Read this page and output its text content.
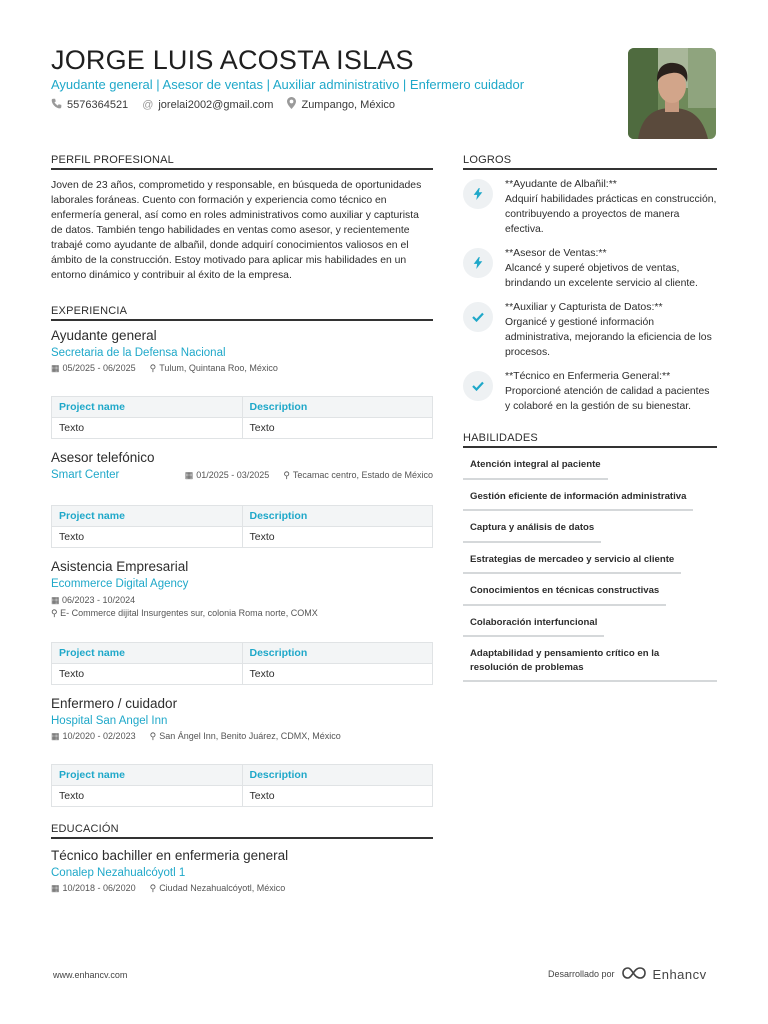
JORGE LUIS ACOSTA ISLAS
Ayudante general | Asesor de ventas | Auxiliar administrativo | Enfermero cuidador
5576364521 @ jorelai2002@gmail.com	Zumpango, México
PERFIL PROFESIONAL

Joven de 23 años, comprometido y responsable, en búsqueda de oportunidades laborales foráneas. Cuento con formación y experiencia como técnico en enfermería general, así como en roles administrativos como auxiliar y capturista de datos. También tengo habilidades en ventas como asesor, y recientemente trabajé como ayudante de albañil, donde adquirí conocimientos valiosos en el ámbito de la construcción. Estoy motivado para aplicar mis habilidades en un entorno dinámico y contribuir al éxito de la empresa.

EXPERIENCIA
Ayudante general
Secretaria de la Defensa Nacional
▦ 05/2025 - 06/2025 ⚲ Tulum, Quintana Roo, México
Project name	Description
Texto	Texto
Asesor telefónico
Smart Center	▦ 01/2025 - 03/2025 ⚲ Tecamac centro, Estado de México
Project name	Description
Texto	Texto
Asistencia Empresarial
Ecommerce Digital Agency
▦ 06/2023 - 10/2024
⚲ E- Commerce dijital Insurgentes sur, colonia Roma norte, COMX
Project name	Description
Texto	Texto
Enfermero / cuidador
Hospital San Angel Inn
▦ 10/2020 - 02/2023 ⚲ San Ángel Inn, Benito Juárez, CDMX, México
Project name	Description
Texto	Texto
EDUCACIÓN
Técnico bachiller en enfermeria general
Conalep Nezahualcóyotl 1
▦ 10/2018 - 06/2020 ⚲ Ciudad Nezahualcóyotl, México
LOGROS
**Ayudante de Albañil:**
Adquirí habilidades prácticas en construcción, contribuyendo a proyectos de manera efectiva.
**Asesor de Ventas:**
Alcancé y superé objetivos de ventas, brindando un excelente servicio al cliente.
**Auxiliar y Capturista de Datos:**
Organicé y gestioné información administrativa, mejorando la eficiencia de los procesos.
**Técnico en Enfermeria General:**
Proporcioné atención de calidad a pacientes y colaboré en la gestión de su bienestar.
HABILIDADES
Atención integral al paciente
Gestión eficiente de información administrativa
Captura y análisis de datos
Estrategias de mercadeo y servicio al cliente
Conocimientos en técnicas constructivas
Colaboración interfuncional
Adaptabilidad y pensamiento crítico en la resolución de problemas
www.enhancv.com	Desarrollado por	Enhancv
